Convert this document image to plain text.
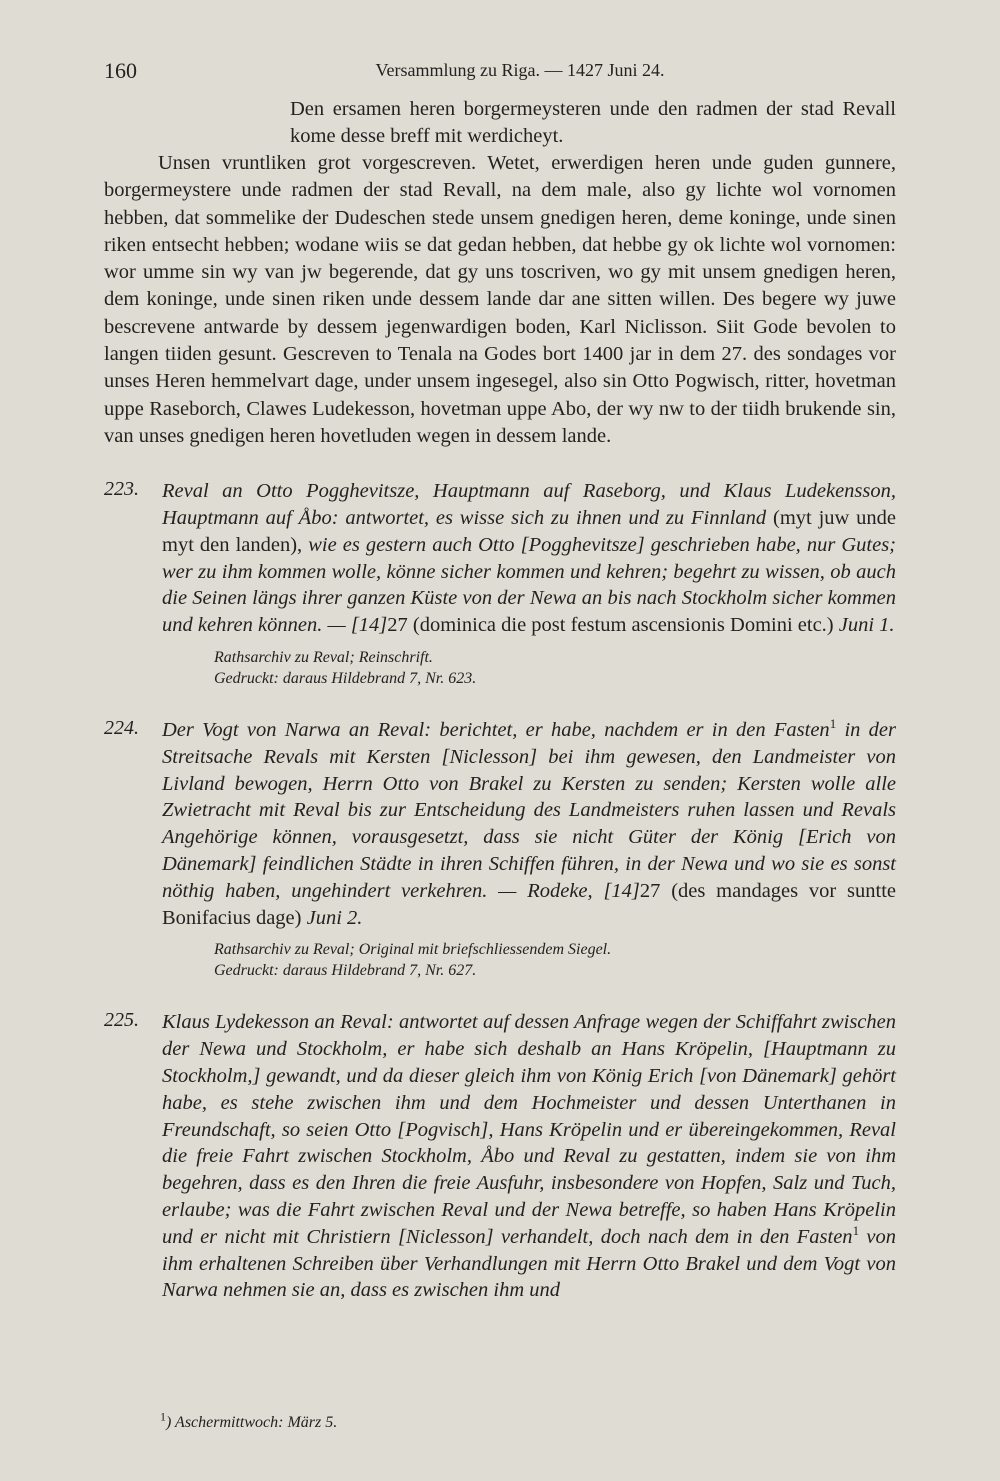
160	Versammlung zu Riga. — 1427 Juni 24.

Den ersamen heren borgermeysteren unde den radmen der stad Revall kome desse breff mit werdicheyt.

Unsen vruntliken grot vorgescreven. Wetet, erwerdigen heren unde guden gunnere, borgermeystere unde radmen der stad Revall, na dem male, also gy lichte wol vornomen hebben, dat sommelike der Dudeschen stede unsem gnedigen heren, deme koninge, unde sinen riken entsecht hebben; wodane wiis se dat gedan hebben, dat hebbe gy ok lichte wol vornomen: wor umme sin wy van jw begerende, dat gy uns toscriven, wo gy mit unsem gnedigen heren, dem koninge, unde sinen riken unde dessem lande dar ane sitten willen. Des begere wy juwe bescrevene antwarde by dessem jegenwardigen boden, Karl Niclisson. Siit Gode bevolen to langen tiiden gesunt. Gescreven to Tenala na Godes bort 1400 jar in dem 27. des sondages vor unses Heren hemmelvart dage, under unsem ingesegel, also sin Otto Pogwisch, ritter, hovetman uppe Raseborch, Clawes Ludekesson, hovetman uppe Abo, der wy nw to der tiidh brukende sin, van unses gnedigen heren hovetluden wegen in dessem lande.

223. Reval an Otto Pogghevitsze, Hauptmann auf Raseborg, und Klaus Ludekensson, Hauptmann auf Åbo: antwortet, es wisse sich zu ihnen und zu Finnland (myt juw unde myt den landen), wie es gestern auch Otto [Pogghevitsze] geschrieben habe, nur Gutes; wer zu ihm kommen wolle, könne sicher kommen und kehren; begehrt zu wissen, ob auch die Seinen längs ihrer ganzen Küste von der Newa an bis nach Stockholm sicher kommen und kehren können. — [14]27 (dominica die post festum ascensionis Domini etc.) Juni 1.

Rathsarchiv zu Reval; Reinschrift.
Gedruckt: daraus Hildebrand 7, Nr. 623.
224. Der Vogt von Narwa an Reval: berichtet, er habe, nachdem er in den Fasten$^1$ in der Streitsache Revals mit Kersten [Niclesson] bei ihm gewesen, den Landmeister von Livland bewogen, Herrn Otto von Brakel zu Kersten zu senden; Kersten wolle alle Zwietracht mit Reval bis zur Entscheidung des Landmeisters ruhen lassen und Revals Angehörige können, vorausgesetzt, dass sie nicht Güter der König [Erich von Dänemark] feindlichen Städte in ihren Schiffen führen, in der Newa und wo sie es sonst nöthig haben, ungehindert verkehren. — Rodeke, [14]27 (des mandages vor suntte Bonifacius dage) Juni 2.

Rathsarchiv zu Reval; Original mit briefschliessendem Siegel.
Gedruckt: daraus Hildebrand 7, Nr. 627.
225. Klaus Lydekesson an Reval: antwortet auf dessen Anfrage wegen der Schiffahrt zwischen der Newa und Stockholm, er habe sich deshalb an Hans Kröpelin, [Hauptmann zu Stockholm,] gewandt, und da dieser gleich ihm von König Erich [von Dänemark] gehört habe, es stehe zwischen ihm und dem Hochmeister und dessen Unterthanen in Freundschaft, so seien Otto [Pogvisch], Hans Kröpelin und er übereingekommen, Reval die freie Fahrt zwischen Stockholm, Åbo und Reval zu gestatten, indem sie von ihm begehren, dass es den Ihren die freie Ausfuhr, insbesondere von Hopfen, Salz und Tuch, erlaube; was die Fahrt zwischen Reval und der Newa betreffe, so haben Hans Kröpelin und er nicht mit Christiern [Niclesson] verhandelt, doch nach dem in den Fasten$^1$ von ihm erhaltenen Schreiben über Verhandlungen mit Herrn Otto Brakel und dem Vogt von Narwa nehmen sie an, dass es zwischen ihm und

$^1$) Aschermittwoch: März 5.
